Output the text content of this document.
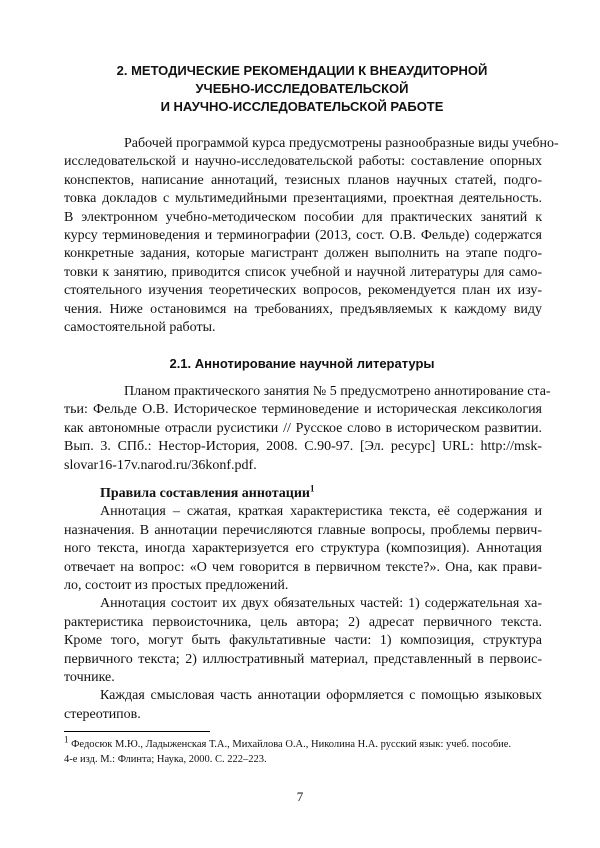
2. МЕТОДИЧЕСКИЕ РЕКОМЕНДАЦИИ К ВНЕАУДИТОРНОЙ
УЧЕБНО-ИССЛЕДОВАТЕЛЬСКОЙ
И НАУЧНО-ИССЛЕДОВАТЕЛЬСКОЙ РАБОТЕ
Рабочей программой курса предусмотрены разнообразные виды учебно-
исследовательской и научно-исследовательской работы: составление опорных
конспектов, написание аннотаций, тезисных планов научных статей, подго-
товка докладов с мультимедийными презентациями, проектная деятельность.
В электронном учебно-методическом пособии для практических занятий к
курсу терминоведения и терминографии (2013, сост. О.В. Фельде) содержатся
конкретные задания, которые магистрант должен выполнить на этапе подго-
товки к занятию, приводится список учебной и научной литературы для само-
стоятельного изучения теоретических вопросов, рекомендуется план их изу-
чения. Ниже остановимся на требованиях, предъявляемых к каждому виду
самостоятельной работы.
2.1. Аннотирование научной литературы
Планом практического занятия № 5 предусмотрено аннотирование ста-
тьи: Фельде О.В. Историческое терминоведение и историческая лексикология
как автономные отрасли русистики // Русское слово в историческом развитии.
Вып. 3. СПб.: Нестор-История, 2008. С.90-97. [Эл. ресурс] URL: http://msk-
slovar16-17v.narod.ru/36konf.pdf.
Правила составления аннотации$^1$
Аннотация – сжатая, краткая характеристика текста, её содержания и
назначения. В аннотации перечисляются главные вопросы, проблемы первич-
ного текста, иногда характеризуется его структура (композиция). Аннотация
отвечает на вопрос: «О чем говорится в первичном тексте?». Она, как прави-
ло, состоит из простых предложений.
Аннотация состоит их двух обязательных частей: 1) содержательная ха-
рактеристика первоисточника, цель автора; 2) адресат первичного текста.
Кроме того, могут быть факультативные части: 1) композиция, структура
первичного текста; 2) иллюстративный материал, представленный в первоис-
точнике.
Каждая смысловая часть аннотации оформляется с помощью языковых
стереотипов.
$^1$ Федосюк М.Ю., Ладыженская Т.А., Михайлова О.А., Николина Н.А. русский язык: учеб. пособие.
4-е изд. М.: Флинта; Наука, 2000. С. 222–223.
7
